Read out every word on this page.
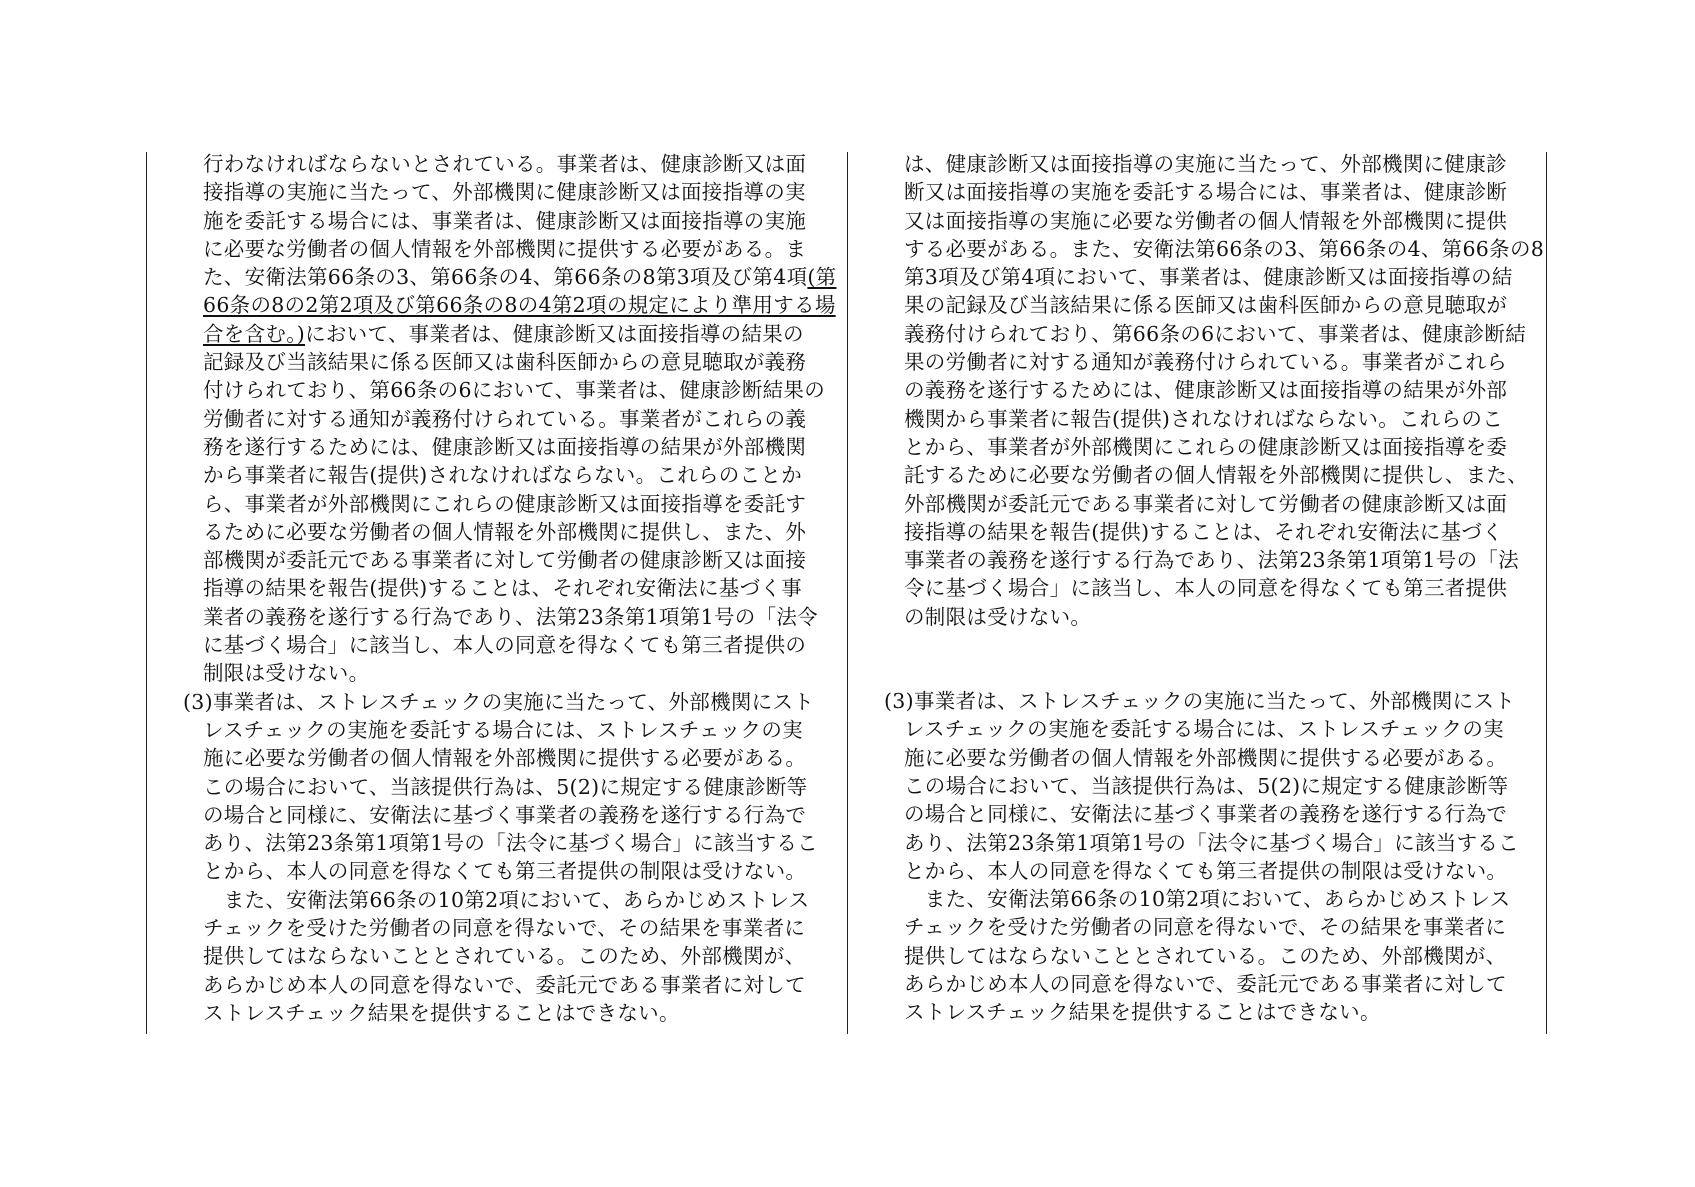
行わなければならないとされている。事業者は、健康診断又は面
接指導の実施に当たって、外部機関に健康診断又は面接指導の実
施を委託する場合には、事業者は、健康診断又は面接指導の実施
に必要な労働者の個人情報を外部機関に提供する必要がある。ま
た、安衛法第66条の3、第66条の4、第66条の8第3項及び第4項(第
66条の8の2第2項及び第66条の8の4第2項の規定により準用する場
合を含む。)において、事業者は、健康診断又は面接指導の結果の
記録及び当該結果に係る医師又は歯科医師からの意見聴取が義務
付けられており、第66条の6において、事業者は、健康診断結果の
労働者に対する通知が義務付けられている。事業者がこれらの義
務を遂行するためには、健康診断又は面接指導の結果が外部機関
から事業者に報告(提供)されなければならない。これらのことか
ら、事業者が外部機関にこれらの健康診断又は面接指導を委託す
るために必要な労働者の個人情報を外部機関に提供し、また、外
部機関が委託元である事業者に対して労働者の健康診断又は面接
指導の結果を報告(提供)することは、それぞれ安衛法に基づく事
業者の義務を遂行する行為であり、法第23条第1項第1号の「法令
に基づく場合」に該当し、本人の同意を得なくても第三者提供の
制限は受けない。
(3)事業者は、ストレスチェックの実施に当たって、外部機関にスト
レスチェックの実施を委託する場合には、ストレスチェックの実
施に必要な労働者の個人情報を外部機関に提供する必要がある。
この場合において、当該提供行為は、5(2)に規定する健康診断等
の場合と同様に、安衛法に基づく事業者の義務を遂行する行為で
あり、法第23条第1項第1号の「法令に基づく場合」に該当するこ
とから、本人の同意を得なくても第三者提供の制限は受けない。
　また、安衛法第66条の10第2項において、あらかじめストレス
チェックを受けた労働者の同意を得ないで、その結果を事業者に
提供してはならないこととされている。このため、外部機関が、
あらかじめ本人の同意を得ないで、委託元である事業者に対して
ストレスチェック結果を提供することはできない。
は、健康診断又は面接指導の実施に当たって、外部機関に健康診
断又は面接指導の実施を委託する場合には、事業者は、健康診断
又は面接指導の実施に必要な労働者の個人情報を外部機関に提供
する必要がある。また、安衛法第66条の3、第66条の4、第66条の8
第3項及び第4項において、事業者は、健康診断又は面接指導の結
果の記録及び当該結果に係る医師又は歯科医師からの意見聴取が
義務付けられており、第66条の6において、事業者は、健康診断結
果の労働者に対する通知が義務付けられている。事業者がこれら
の義務を遂行するためには、健康診断又は面接指導の結果が外部
機関から事業者に報告(提供)されなければならない。これらのこ
とから、事業者が外部機関にこれらの健康診断又は面接指導を委
託するために必要な労働者の個人情報を外部機関に提供し、また、
外部機関が委託元である事業者に対して労働者の健康診断又は面
接指導の結果を報告(提供)することは、それぞれ安衛法に基づく
事業者の義務を遂行する行為であり、法第23条第1項第1号の「法
令に基づく場合」に該当し、本人の同意を得なくても第三者提供
の制限は受けない。
(3)事業者は、ストレスチェックの実施に当たって、外部機関にスト
レスチェックの実施を委託する場合には、ストレスチェックの実
施に必要な労働者の個人情報を外部機関に提供する必要がある。
この場合において、当該提供行為は、5(2)に規定する健康診断等
の場合と同様に、安衛法に基づく事業者の義務を遂行する行為で
あり、法第23条第1項第1号の「法令に基づく場合」に該当するこ
とから、本人の同意を得なくても第三者提供の制限は受けない。
　また、安衛法第66条の10第2項において、あらかじめストレス
チェックを受けた労働者の同意を得ないで、その結果を事業者に
提供してはならないこととされている。このため、外部機関が、
あらかじめ本人の同意を得ないで、委託元である事業者に対して
ストレスチェック結果を提供することはできない。
